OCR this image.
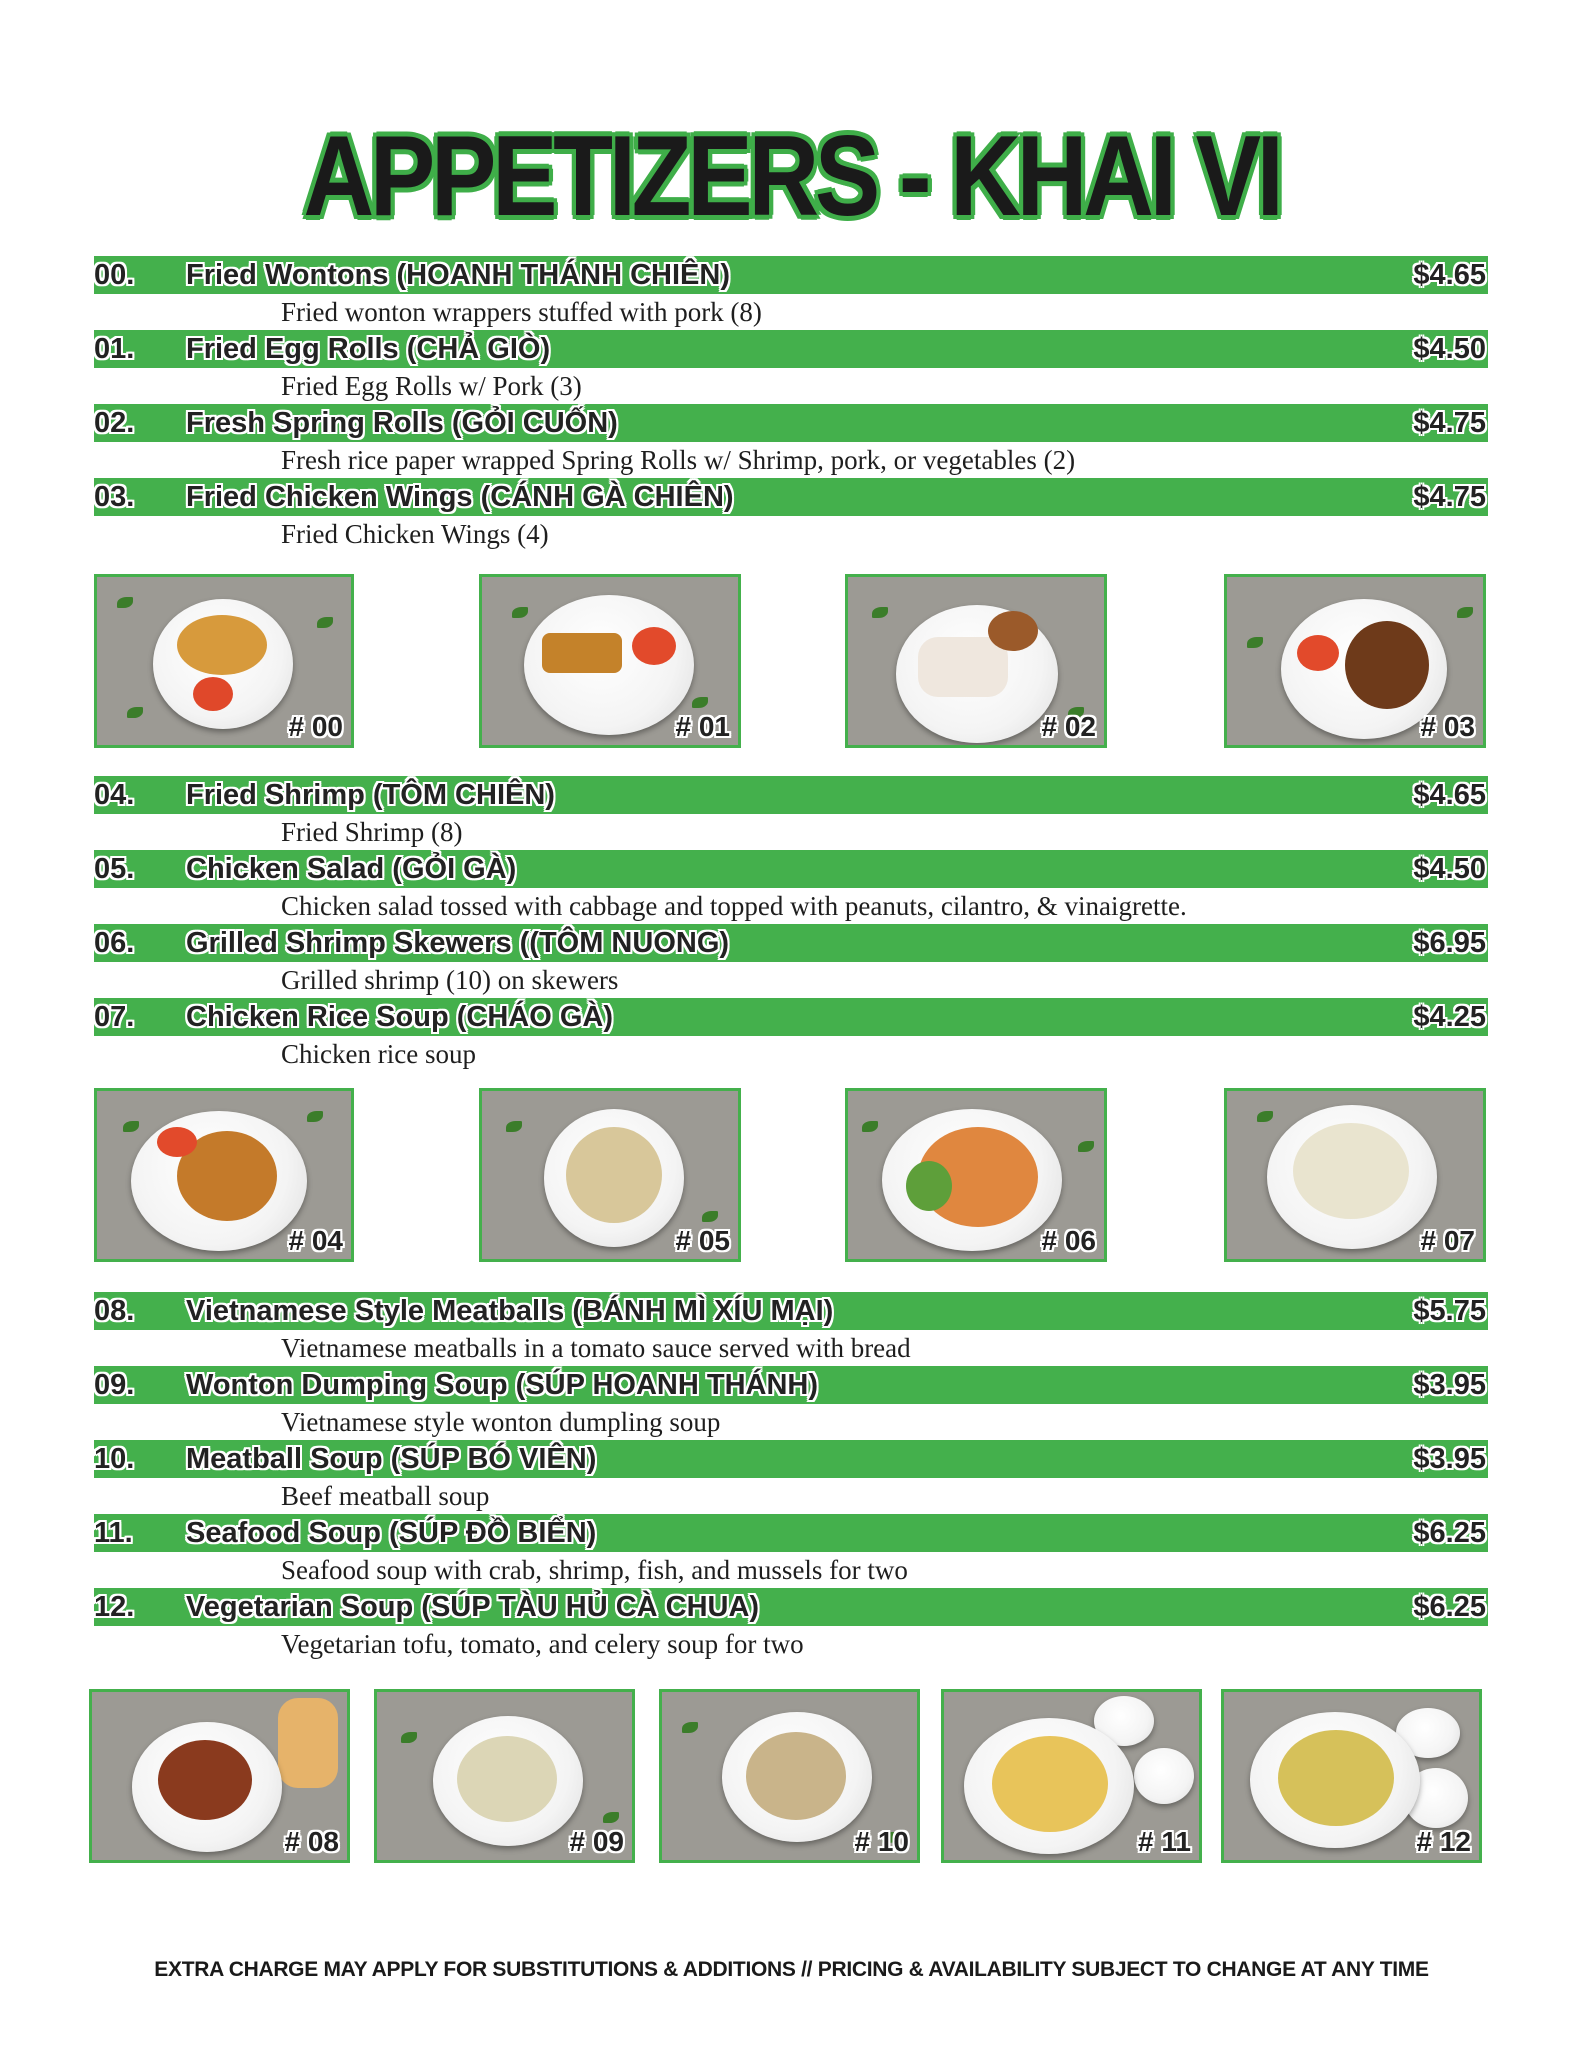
APPETIZERS - KHAI VI
00. Fried Wontons (HOANH THÁNH CHIÊN)	$4.65
Fried wonton wrappers stuffed with pork (8)
01. Fried Egg Rolls (CHẢ GIÒ)	$4.50
Fried Egg Rolls w/ Pork (3)
02. Fresh Spring Rolls (GỎI CUỐN)	$4.75
Fresh rice paper wrapped Spring Rolls w/ Shrimp, pork, or vegetables (2)
03. Fried Chicken Wings (CÁNH GÀ CHIÊN)	$4.75
Fried Chicken Wings (4)
04. Fried Shrimp (TÔM CHIÊN)	$4.65
Fried Shrimp (8)
05. Chicken Salad (GỎI GÀ)	$4.50
Chicken salad tossed with cabbage and topped with peanuts, cilantro, & vinaigrette.
06. Grilled Shrimp Skewers ((TÔM NUONG)	$6.95
Grilled shrimp (10) on skewers
07. Chicken Rice Soup (CHÁO GÀ)	$4.25
Chicken rice soup
08. Vietnamese Style Meatballs (BÁNH MÌ XÍU MẠI)	$5.75
Vietnamese meatballs in a tomato sauce served with bread
09. Wonton Dumping Soup (SÚP HOANH THÁNH)	$3.95
Vietnamese style wonton dumpling soup
10. Meatball Soup (SÚP BÓ VIÊN)	$3.95
Beef meatball soup
11. Seafood Soup (SÚP ĐỒ BIỂN)	$6.25
Seafood soup with crab, shrimp, fish, and mussels for two
12. Vegetarian Soup (SÚP TÀU HỦ CÀ CHUA)	$6.25
Vegetarian tofu, tomato, and celery soup for two
# 00	# 01	# 02	# 03
# 04	# 05	# 06	# 07
# 08	# 09	# 10	# 11	# 12
EXTRA CHARGE MAY APPLY FOR SUBSTITUTIONS & ADDITIONS // PRICING & AVAILABILITY SUBJECT TO CHANGE AT ANY TIME
